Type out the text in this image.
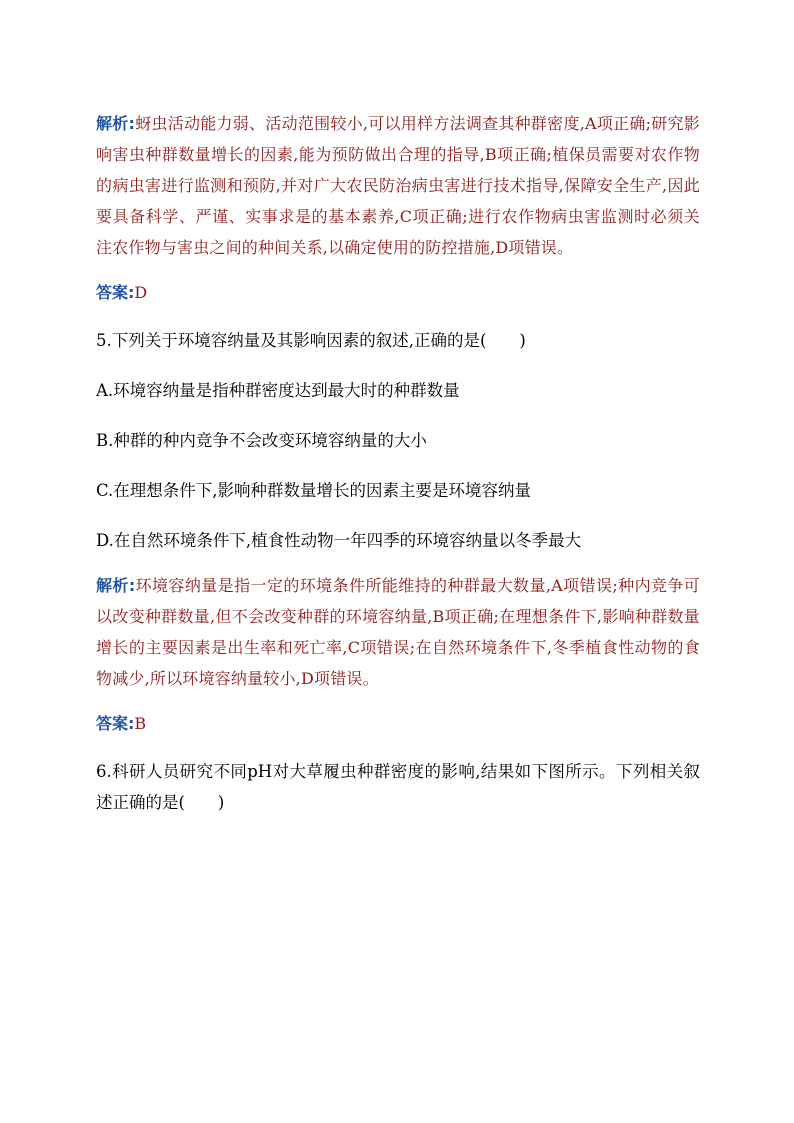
解析:蚜虫活动能力弱、活动范围较小,可以用样方法调查其种群密度,A项正确;研究影响害虫种群数量增长的因素,能为预防做出合理的指导,B项正确;植保员需要对农作物的病虫害进行监测和预防,并对广大农民防治病虫害进行技术指导,保障安全生产,因此要具备科学、严谨、实事求是的基本素养,C项正确;进行农作物病虫害监测时必须关注农作物与害虫之间的种间关系,以确定使用的防控措施,D项错误。

答案:D

5.下列关于环境容纳量及其影响因素的叙述,正确的是(　　)

A.环境容纳量是指种群密度达到最大时的种群数量

B.种群的种内竞争不会改变环境容纳量的大小

C.在理想条件下,影响种群数量增长的因素主要是环境容纳量

D.在自然环境条件下,植食性动物一年四季的环境容纳量以冬季最大

解析:环境容纳量是指一定的环境条件所能维持的种群最大数量,A项错误;种内竞争可以改变种群数量,但不会改变种群的环境容纳量,B项正确;在理想条件下,影响种群数量增长的主要因素是出生率和死亡率,C项错误;在自然环境条件下,冬季植食性动物的食物减少,所以环境容纳量较小,D项错误。

答案:B

6.科研人员研究不同pH对大草履虫种群密度的影响,结果如下图所示。下列相关叙述正确的是(　　)
